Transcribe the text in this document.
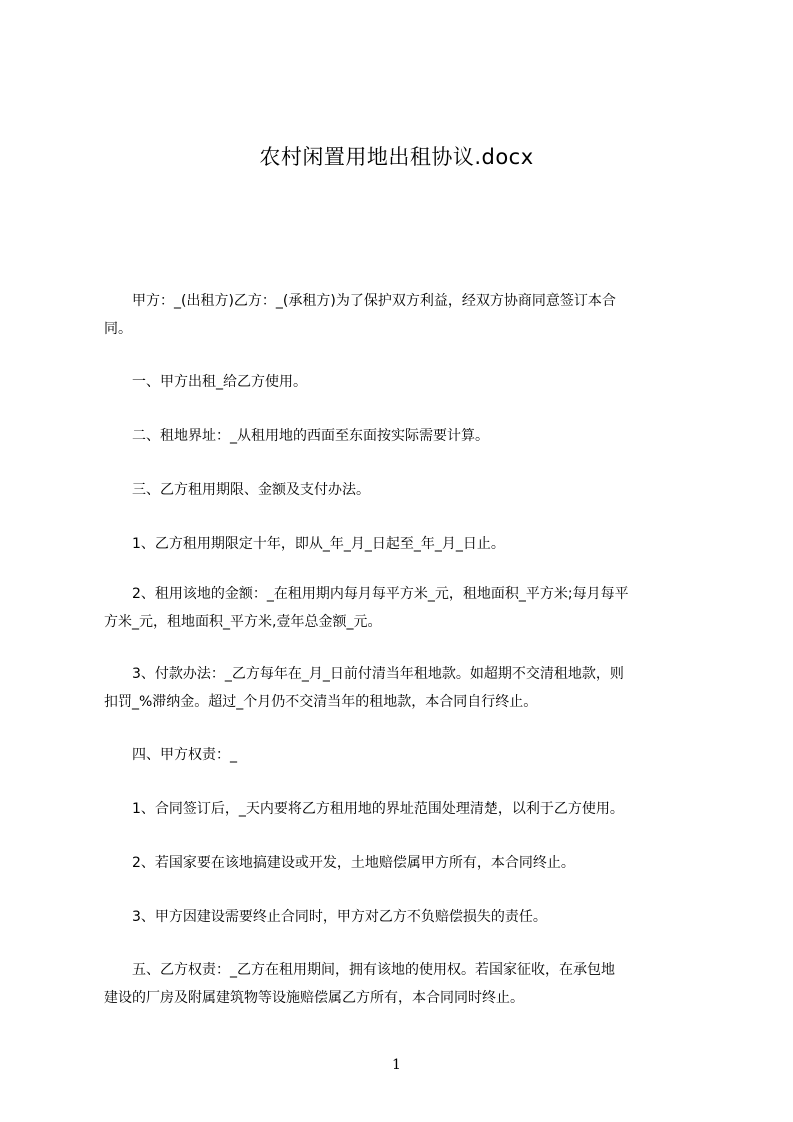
农村闲置用地出租协议.docx
　　甲方：_(出租方)乙方：_(承租方)为了保护双方利益，经双方协商同意签订本合
同。
　　一、甲方出租_给乙方使用。
　　二、租地界址：_从租用地的西面至东面按实际需要计算。
　　三、乙方租用期限、金额及支付办法。
　　1、乙方租用期限定十年，即从_年_月_日起至_年_月_日止。
　　2、租用该地的金额：_在租用期内每月每平方米_元，租地面积_平方米;每月每平
方米_元，租地面积_平方米,壹年总金额_元。
　　3、付款办法：_乙方每年在_月_日前付清当年租地款。如超期不交清租地款，则
扣罚_%滞纳金。超过_个月仍不交清当年的租地款，本合同自行终止。
　　四、甲方权责：_
　　1、合同签订后，_天内要将乙方租用地的界址范围处理清楚，以利于乙方使用。
　　2、若国家要在该地搞建设或开发，土地赔偿属甲方所有，本合同终止。
　　3、甲方因建设需要终止合同时，甲方对乙方不负赔偿损失的责任。
　　五、乙方权责：_乙方在租用期间，拥有该地的使用权。若国家征收，在承包地
建设的厂房及附属建筑物等设施赔偿属乙方所有，本合同同时终止。
1
